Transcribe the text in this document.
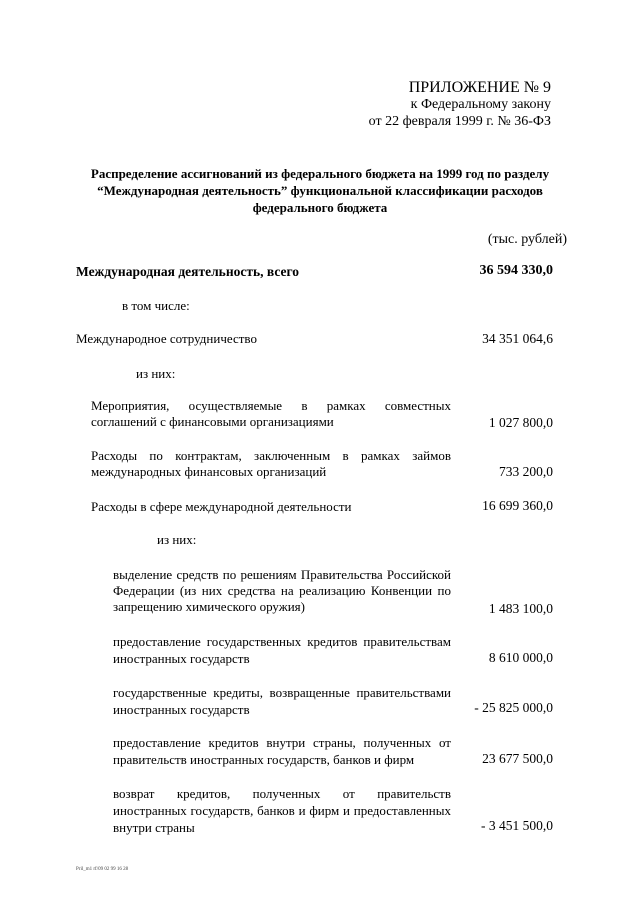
ПРИЛОЖЕНИЕ № 9
к Федеральному закону
от 22 февраля 1999 г. № 36-ФЗ
Распределение ассигнований из федерального бюджета на 1999 год по разделу “Международная деятельность” функциональной классификации расходов федерального бюджета
(тыс. рублей)
Международная деятельность, всего	36 594 330,0
в том числе:
Международное сотрудничество	34 351 064,6
из них:
Мероприятия, осуществляемые в рамках совместных соглашений с финансовыми организациями	1 027 800,0
Расходы по контрактам, заключенным в рамках займов международных финансовых организаций	733 200,0
Расходы в сфере международной деятельности	16 699 360,0
из них:
выделение средств по решениям Правительства Российской Федерации (из них средства на реализацию Конвенции по запрещению химического оружия)	1 483 100,0
предоставление государственных кредитов правительствам иностранных государств	8 610 000,0
государственные кредиты, возвращенные правительствами иностранных государств	- 25 825 000,0
предоставление кредитов внутри страны, полученных от правительств иностранных государств, банков и фирм	23 677 500,0
возврат кредитов, полученных от правительств иностранных государств, банков и фирм и предоставленных внутри страны	- 3 451 500,0
Pril_m1 rf/09 02 99 16 28
